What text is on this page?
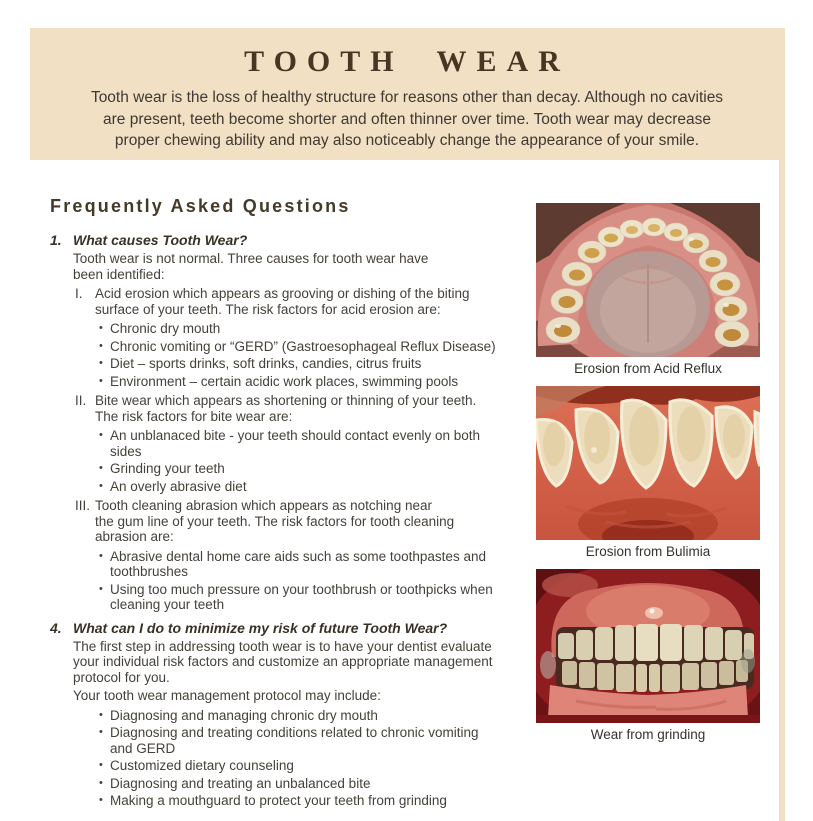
TOOTH WEAR
Tooth wear is the loss of healthy structure for reasons other than decay. Although no cavities
are present, teeth become shorter and often thinner over time. Tooth wear may decrease
proper chewing ability and may also noticeably change the appearance of your smile.
Frequently Asked Questions
1. What causes Tooth Wear?
Tooth wear is not normal. Three causes for tooth wear have
been identified:
I. Acid erosion which appears as grooving or dishing of the biting
surface of your teeth. The risk factors for acid erosion are:
• Chronic dry mouth
• Chronic vomiting or “GERD” (Gastroesophageal Reflux Disease)
• Diet – sports drinks, soft drinks, candies, citrus fruits
• Environment – certain acidic work places, swimming pools
II. Bite wear which appears as shortening or thinning of your teeth.
The risk factors for bite wear are:
• An unblanaced bite - your teeth should contact evenly on both
sides
• Grinding your teeth
• An overly abrasive diet
III. Tooth cleaning abrasion which appears as notching near
the gum line of your teeth. The risk factors for tooth cleaning
abrasion are:
• Abrasive dental home care aids such as some toothpastes and
toothbrushes
• Using too much pressure on your toothbrush or toothpicks when
cleaning your teeth
4. What can I do to minimize my risk of future Tooth Wear?
The first step in addressing tooth wear is to have your dentist evaluate
your individual risk factors and customize an appropriate management
protocol for you.
Your tooth wear management protocol may include:
• Diagnosing and managing chronic dry mouth
• Diagnosing and treating conditions related to chronic vomiting
and GERD
• Customized dietary counseling
• Diagnosing and treating an unbalanced bite
• Making a mouthguard to protect your teeth from grinding
Erosion from Acid Reflux
Erosion from Bulimia
Wear from grinding
